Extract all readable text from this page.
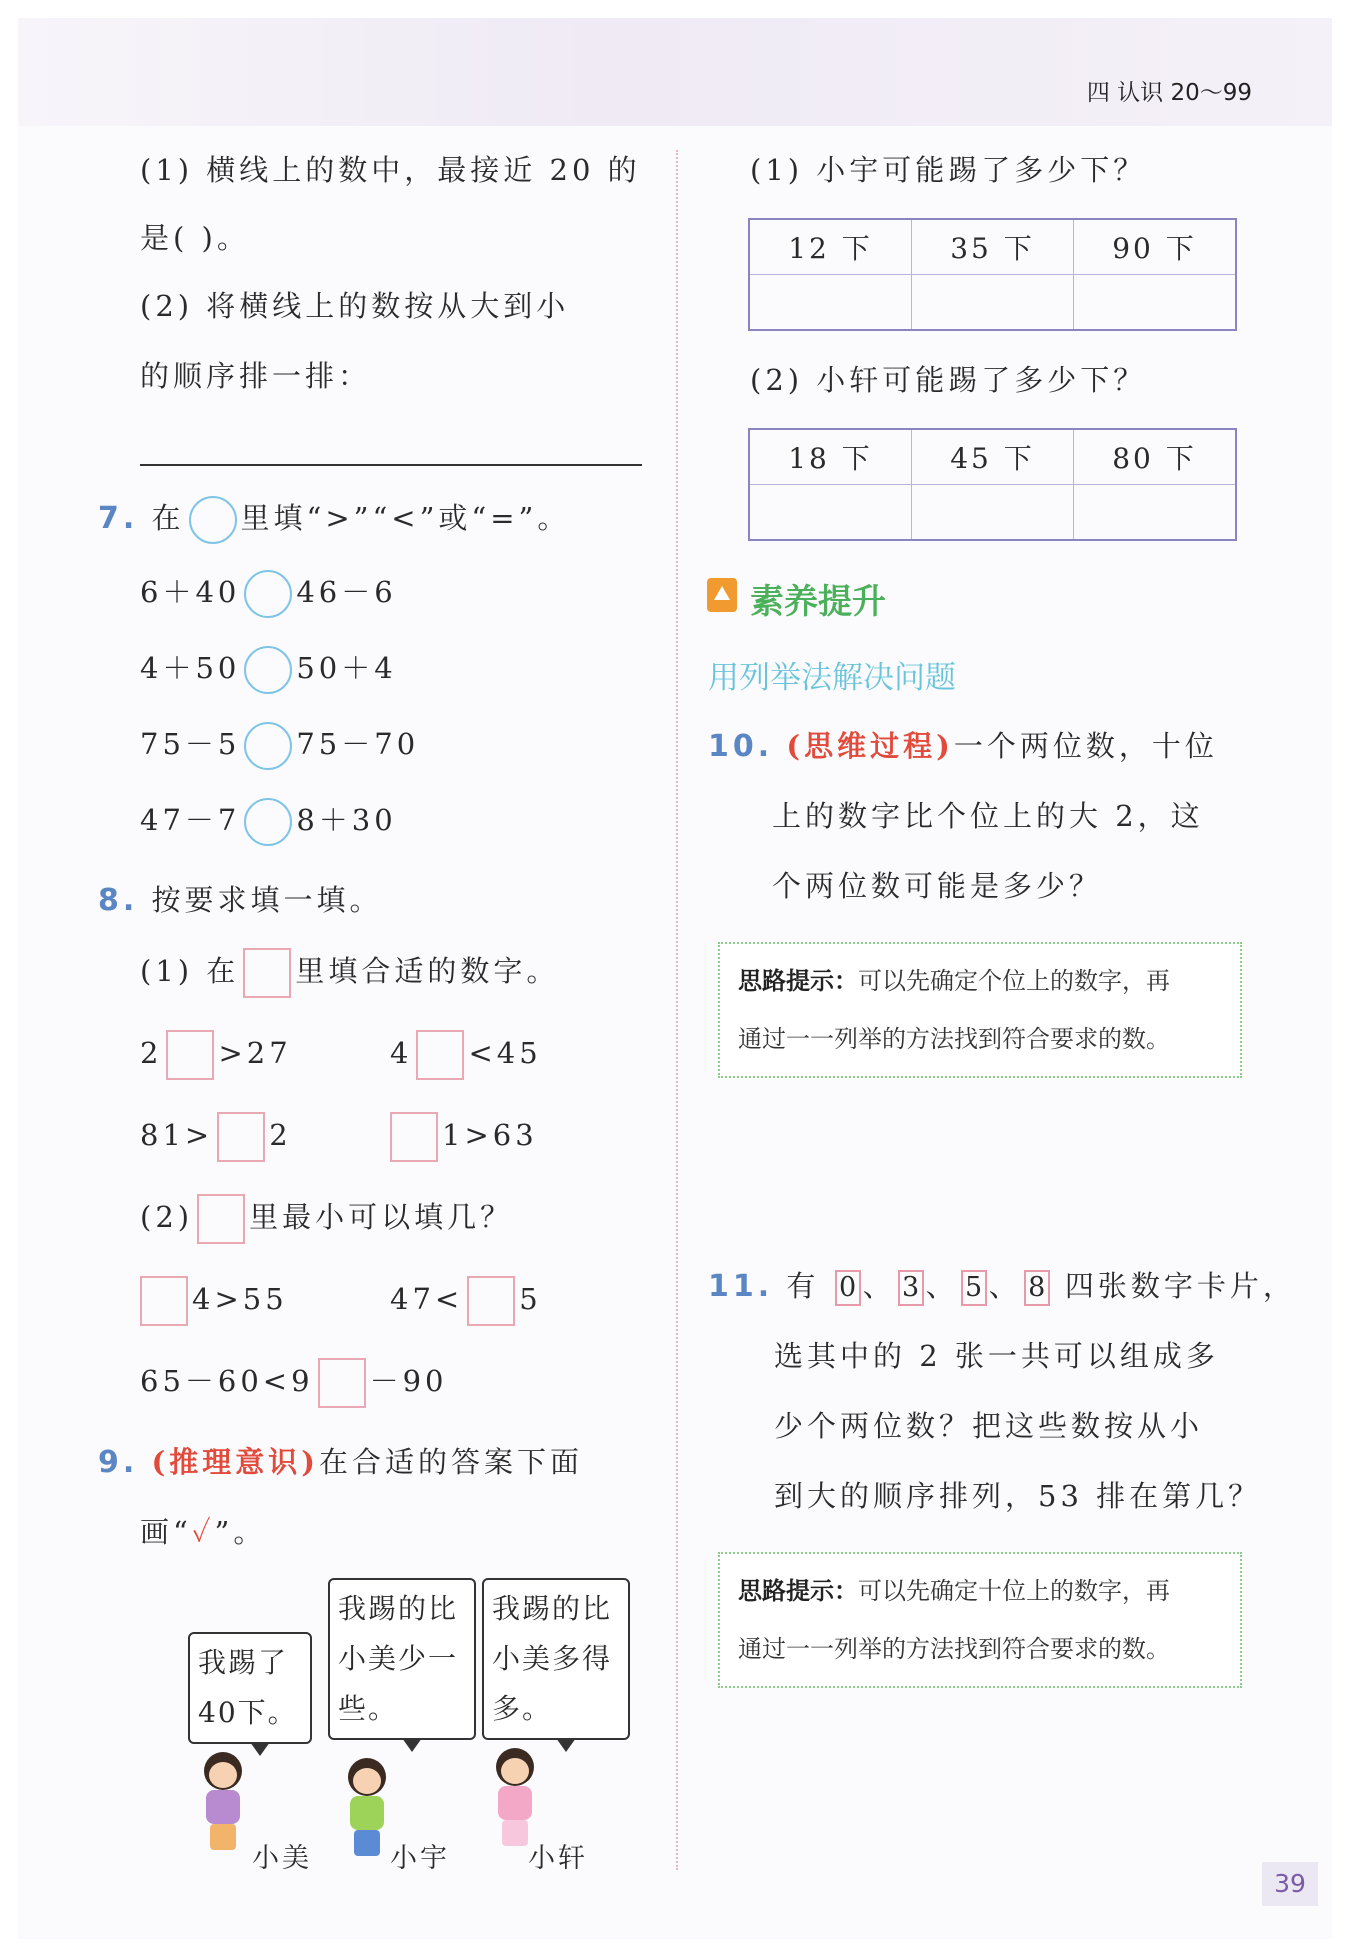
四 认识 20～99
(1) 横线上的数中，最接近 20 的
是( )。
(2) 将横线上的数按从大到小
的顺序排一排：
7. 在 里填“>”“<”或“=”。
6＋40 46－6
4＋50 50＋4
75－5 75－70
47－7 8＋30
8. 按要求填一填。
(1) 在 里填合适的数字。
2 >27	4 <45
81> 2	1>63
(2) 里最小可以填几？
4>55	47< 5
65－60<9 －90
9. (推理意识)在合适的答案下面
画“✓”。
我踢了40下。
我踢的比小美少一些。
我踢的比小美多得多。
小美	小宇	小轩
(1) 小宇可能踢了多少下？
12 下	35 下	90 下

(2) 小轩可能踢了多少下？
18 下	45 下	80 下

素养提升
用列举法解决问题
10. (思维过程)一个两位数，十位
上的数字比个位上的大 2，这
个两位数可能是多少？
思路提示：可以先确定个位上的数字，再
通过一一列举的方法找到符合要求的数。
11. 有 0 、 3 、 5 、 8 四张数字卡片，
选其中的 2 张一共可以组成多
少个两位数？把这些数按从小
到大的顺序排列，53 排在第几？
思路提示：可以先确定十位上的数字，再
通过一一列举的方法找到符合要求的数。
39
